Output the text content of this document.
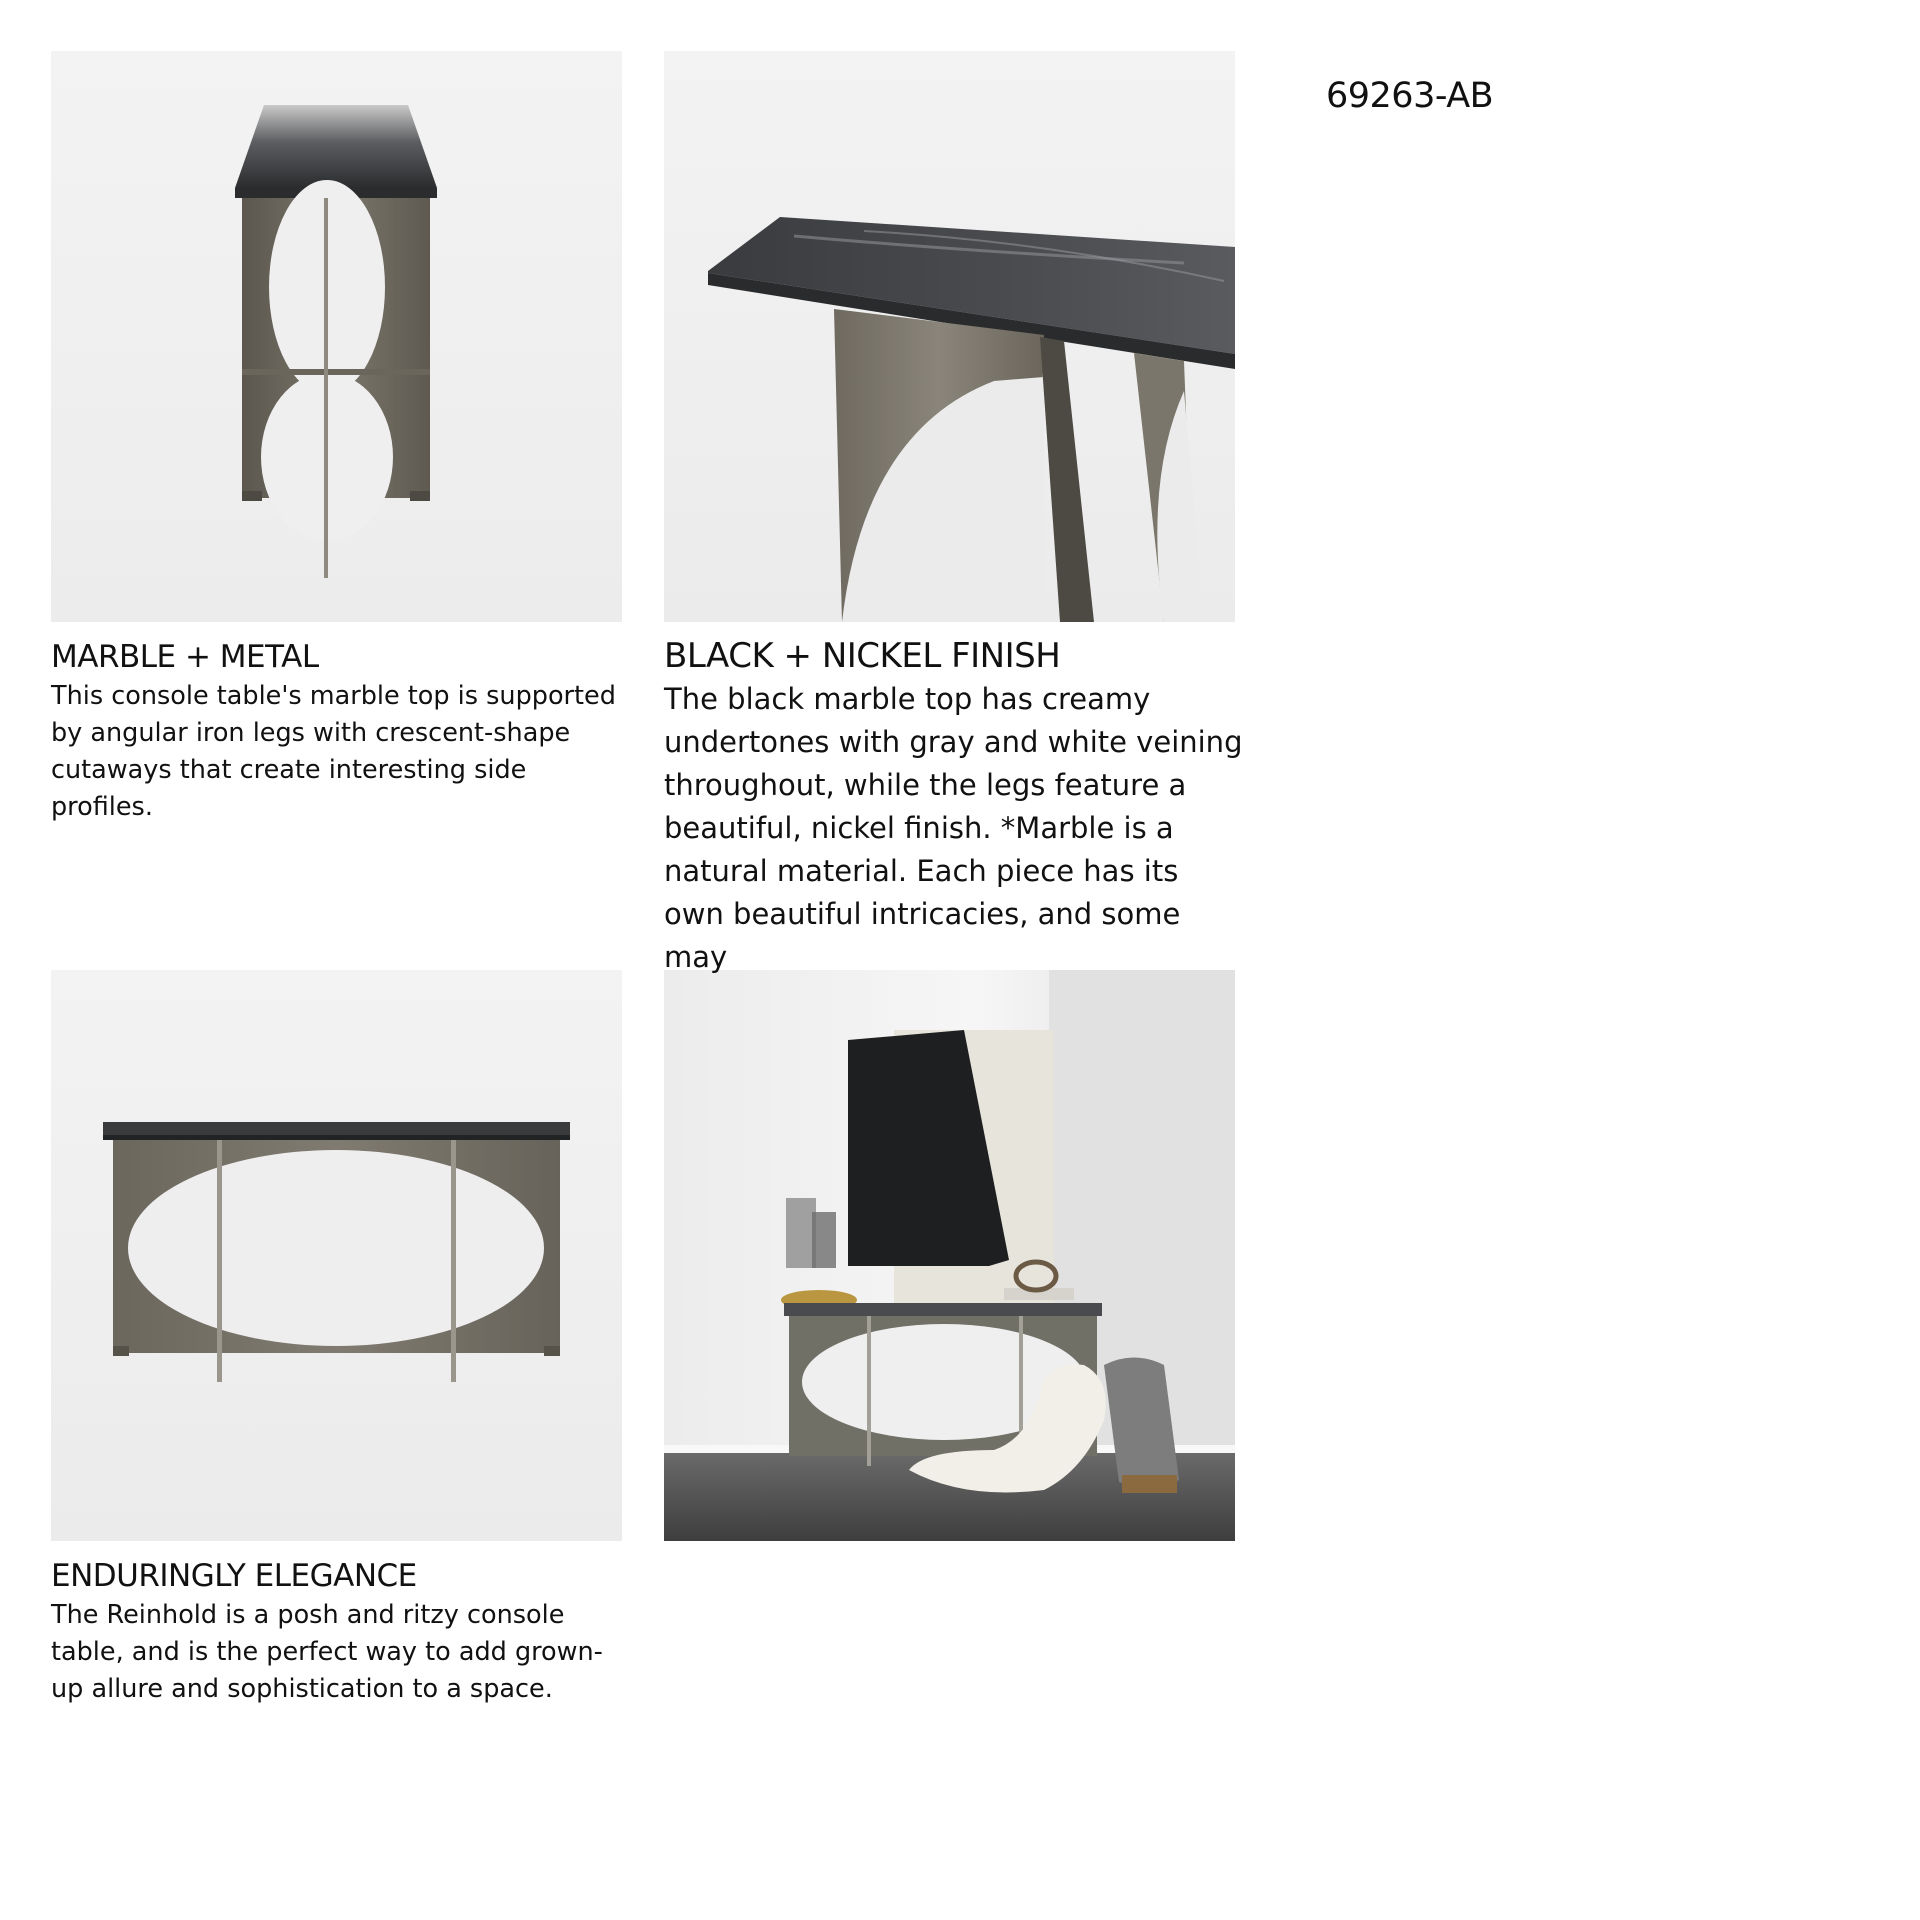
69263-AB
MARBLE + METAL

This console table's marble top is supported by angular iron legs with crescent-shape cutaways that create interesting side profiles.

BLACK + NICKEL FINISH

The black marble top has creamy undertones with gray and white veining throughout, while the legs feature a beautiful, nickel finish. *Marble is a natural material. Each piece has its own beautiful intricacies, and some may

ENDURINGLY ELEGANCE

The Reinhold is a posh and ritzy console table, and is the perfect way to add grown-up allure and sophistication to a space.
